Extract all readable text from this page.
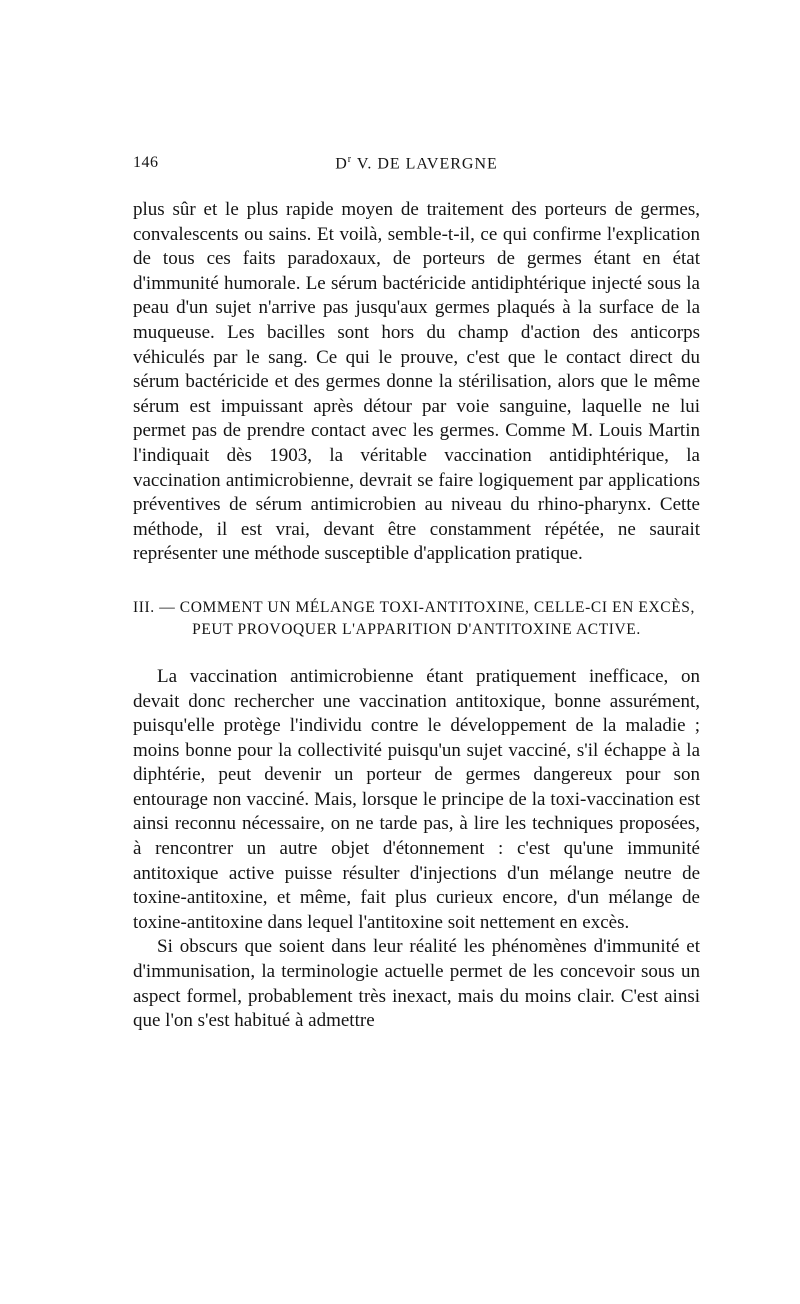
146	$D^r$ V. DE LAVERGNE

plus sûr et le plus rapide moyen de traitement des porteurs de germes, convalescents ou sains. Et voilà, semble-t-il, ce qui confirme l'explication de tous ces faits paradoxaux, de porteurs de germes étant en état d'immunité humorale. Le sérum bactéricide antidiphtérique injecté sous la peau d'un sujet n'arrive pas jusqu'aux germes plaqués à la surface de la muqueuse. Les bacilles sont hors du champ d'action des anticorps véhiculés par le sang. Ce qui le prouve, c'est que le contact direct du sérum bactéricide et des germes donne la stérilisation, alors que le même sérum est impuissant après détour par voie sanguine, laquelle ne lui permet pas de prendre contact avec les germes. Comme M. Louis Martin l'indiquait dès 1903, la véritable vaccination antidiphtérique, la vaccination antimicrobienne, devrait se faire logiquement par applications préventives de sérum antimicrobien au niveau du rhino-pharynx. Cette méthode, il est vrai, devant être constamment répétée, ne saurait représenter une méthode susceptible d'application pratique.

III. — COMMENT UN MÉLANGE TOXI-ANTITOXINE, CELLE-CI EN EXCÈS,
PEUT PROVOQUER L'APPARITION D'ANTITOXINE ACTIVE.

La vaccination antimicrobienne étant pratiquement inefficace, on devait donc rechercher une vaccination antitoxique, bonne assurément, puisqu'elle protège l'individu contre le développement de la maladie ; moins bonne pour la collectivité puisqu'un sujet vacciné, s'il échappe à la diphtérie, peut devenir un porteur de germes dangereux pour son entourage non vacciné. Mais, lorsque le principe de la toxi-vaccination est ainsi reconnu nécessaire, on ne tarde pas, à lire les techniques proposées, à rencontrer un autre objet d'étonnement : c'est qu'une immunité antitoxique active puisse résulter d'injections d'un mélange neutre de toxine-antitoxine, et même, fait plus curieux encore, d'un mélange de toxine-antitoxine dans lequel l'antitoxine soit nettement en excès.

Si obscurs que soient dans leur réalité les phénomènes d'immunité et d'immunisation, la terminologie actuelle permet de les concevoir sous un aspect formel, probablement très inexact, mais du moins clair. C'est ainsi que l'on s'est habitué à admettre
